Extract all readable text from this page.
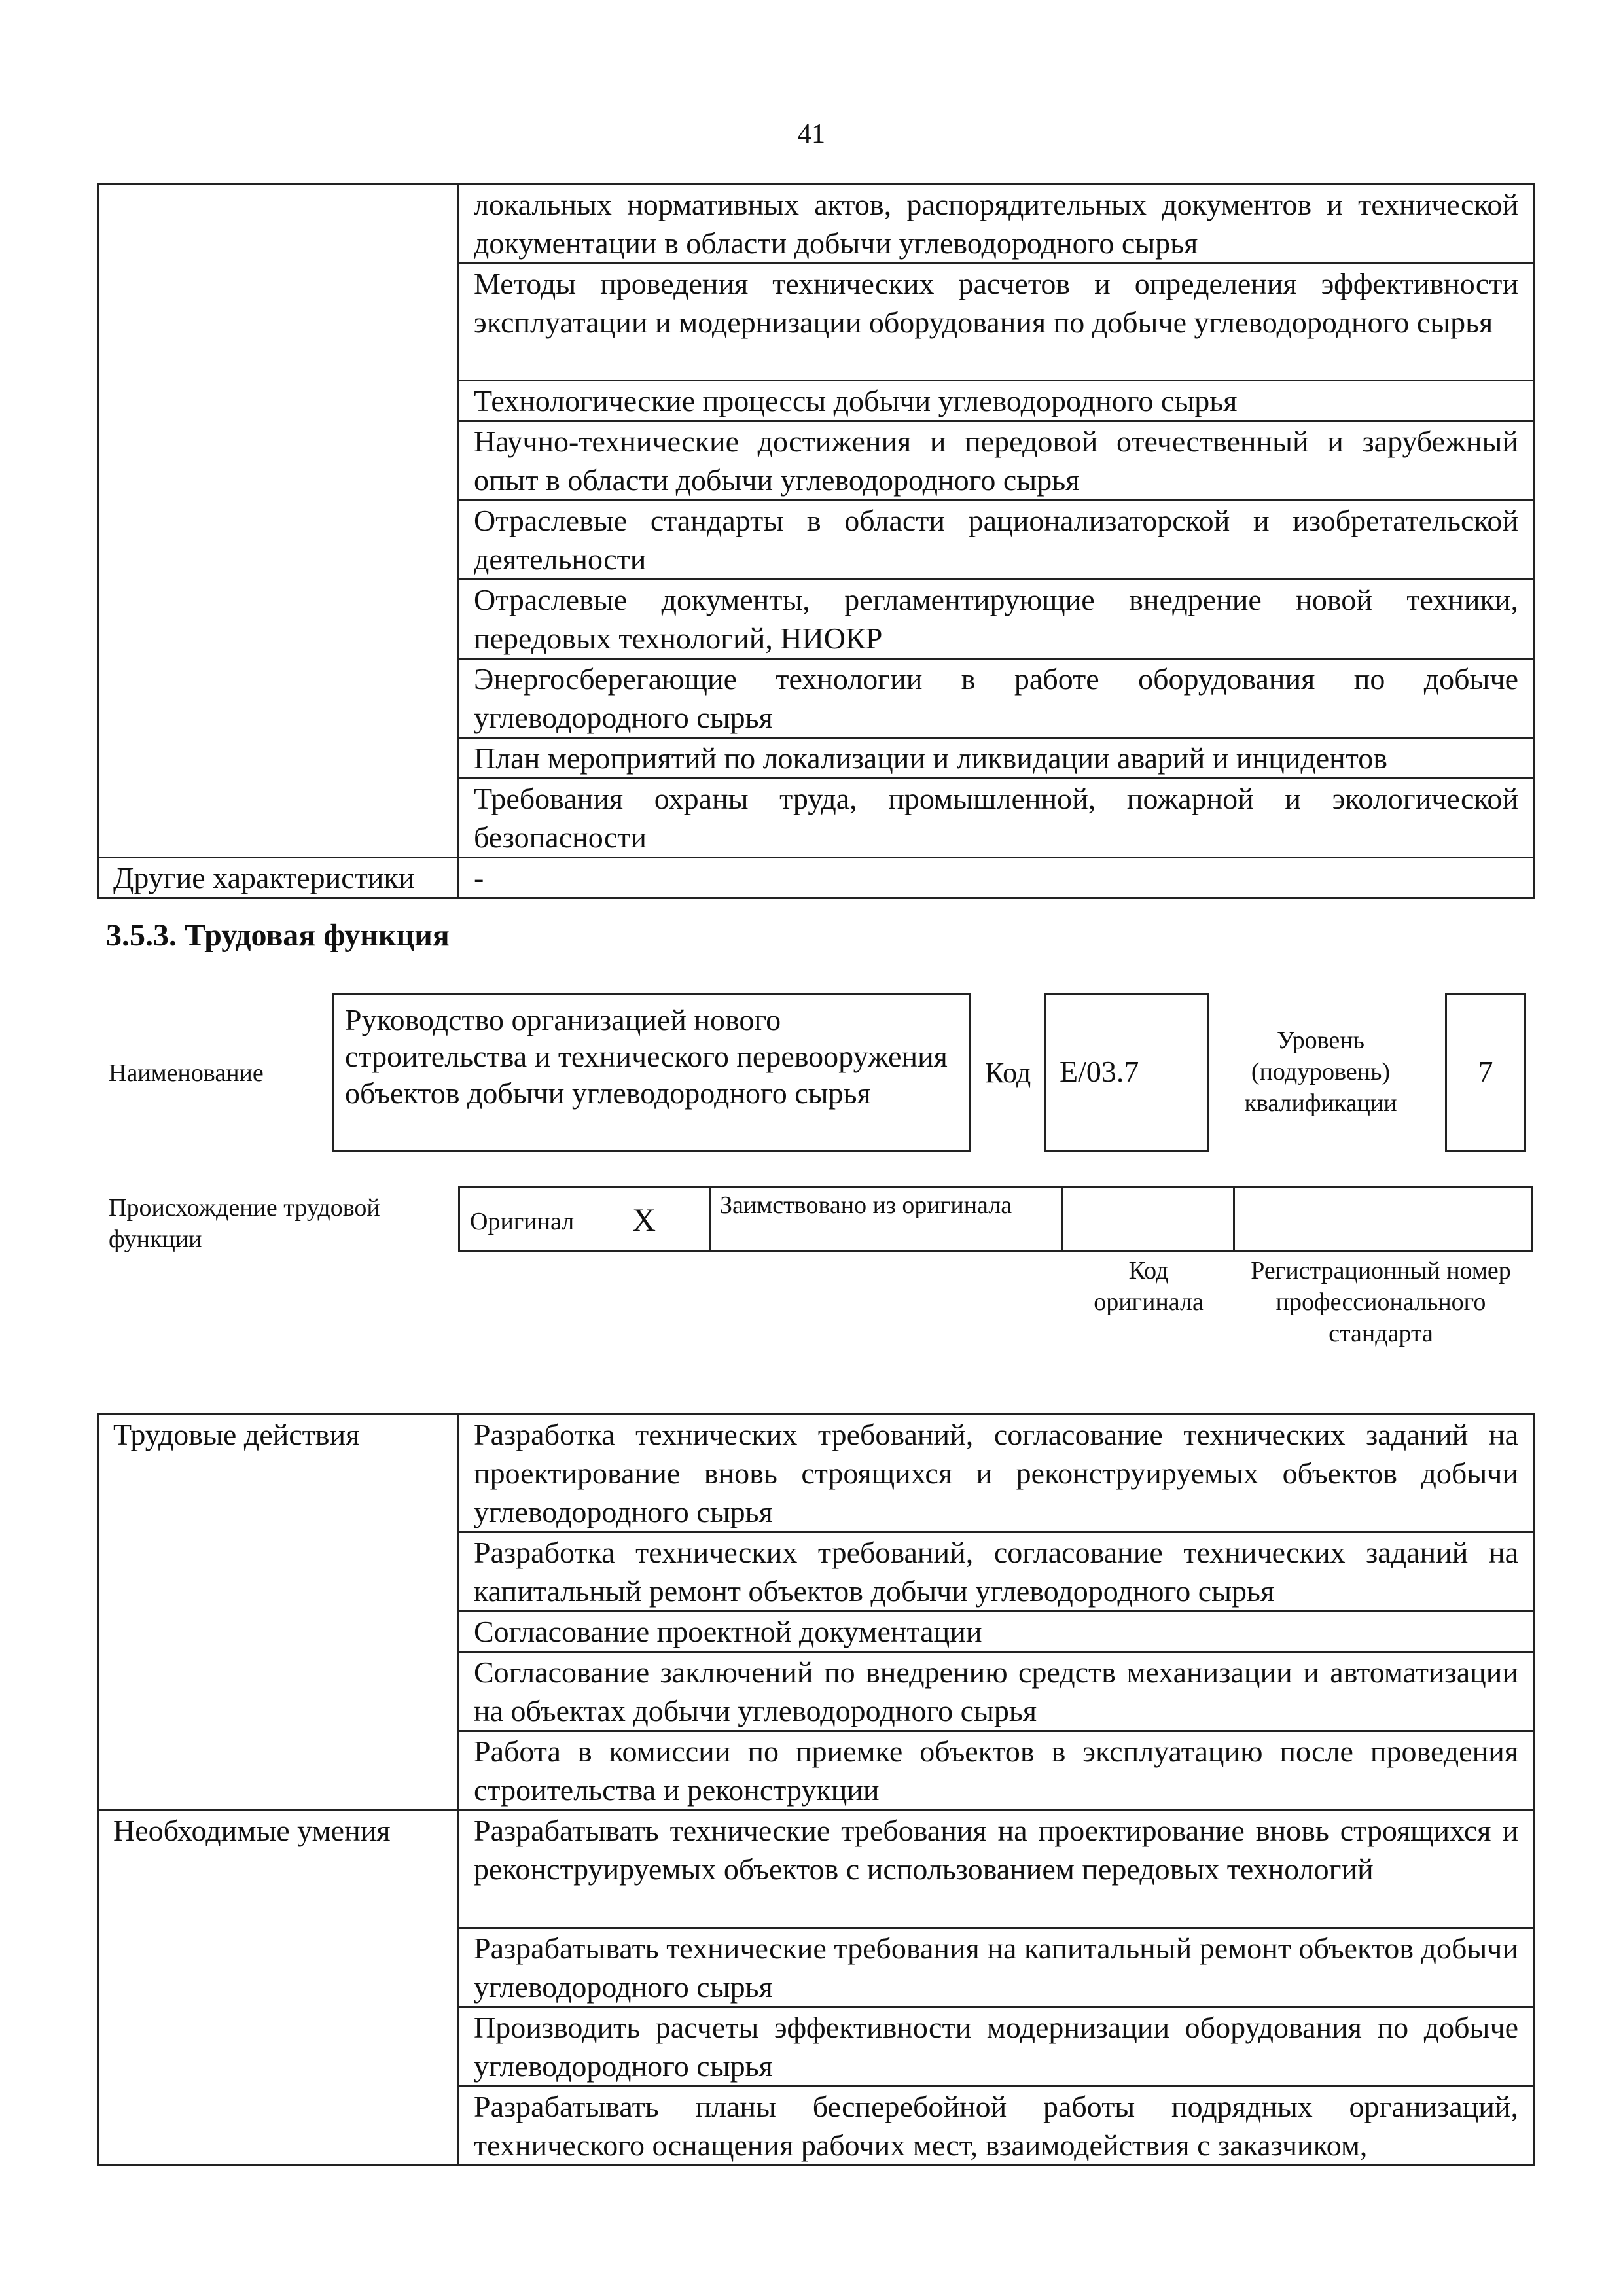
41
	локальных нормативных актов, распорядительных документов и технической документации в области добычи углеводородного сырья
	Методы проведения технических расчетов и определения эффективности эксплуатации и модернизации оборудования по добыче углеводородного сырья
	Технологические процессы добычи углеводородного сырья
	Научно-технические достижения и передовой отечественный и зарубежный опыт в области добычи углеводородного сырья
	Отраслевые стандарты в области рационализаторской и изобретательской деятельности
	Отраслевые документы, регламентирующие внедрение новой техники, передовых технологий, НИОКР
	Энергосберегающие технологии в работе оборудования по добыче углеводородного сырья
	План мероприятий по локализации и ликвидации аварий и инцидентов
	Требования охраны труда, промышленной, пожарной и экологической безопасности
Другие характеристики	-
3.5.3. Трудовая функция
Наименование
Руководство организацией нового строительства и технического перевооружения объектов добычи углеводородного сырья
Код E/03.7
Уровень (подуровень) квалификации
7
Происхождение трудовой функции
Оригинал X	Заимствовано из оригинала
Код оригинала
Регистрационный номер профессионального стандарта
Трудовые действия	Разработка технических требований, согласование технических заданий на проектирование вновь строящихся и реконструируемых объектов добычи углеводородного сырья
	Разработка технических требований, согласование технических заданий на капитальный ремонт объектов добычи углеводородного сырья
	Согласование проектной документации
	Согласование заключений по внедрению средств механизации и автоматизации на объектах добычи углеводородного сырья
	Работа в комиссии по приемке объектов в эксплуатацию после проведения строительства и реконструкции
Необходимые умения	Разрабатывать технические требования на проектирование вновь строящихся и реконструируемых объектов с использованием передовых технологий
	Разрабатывать технические требования на капитальный ремонт объектов добычи углеводородного сырья
	Производить расчеты эффективности модернизации оборудования по добыче углеводородного сырья
	Разрабатывать планы бесперебойной работы подрядных организаций, технического оснащения рабочих мест, взаимодействия с заказчиком,
